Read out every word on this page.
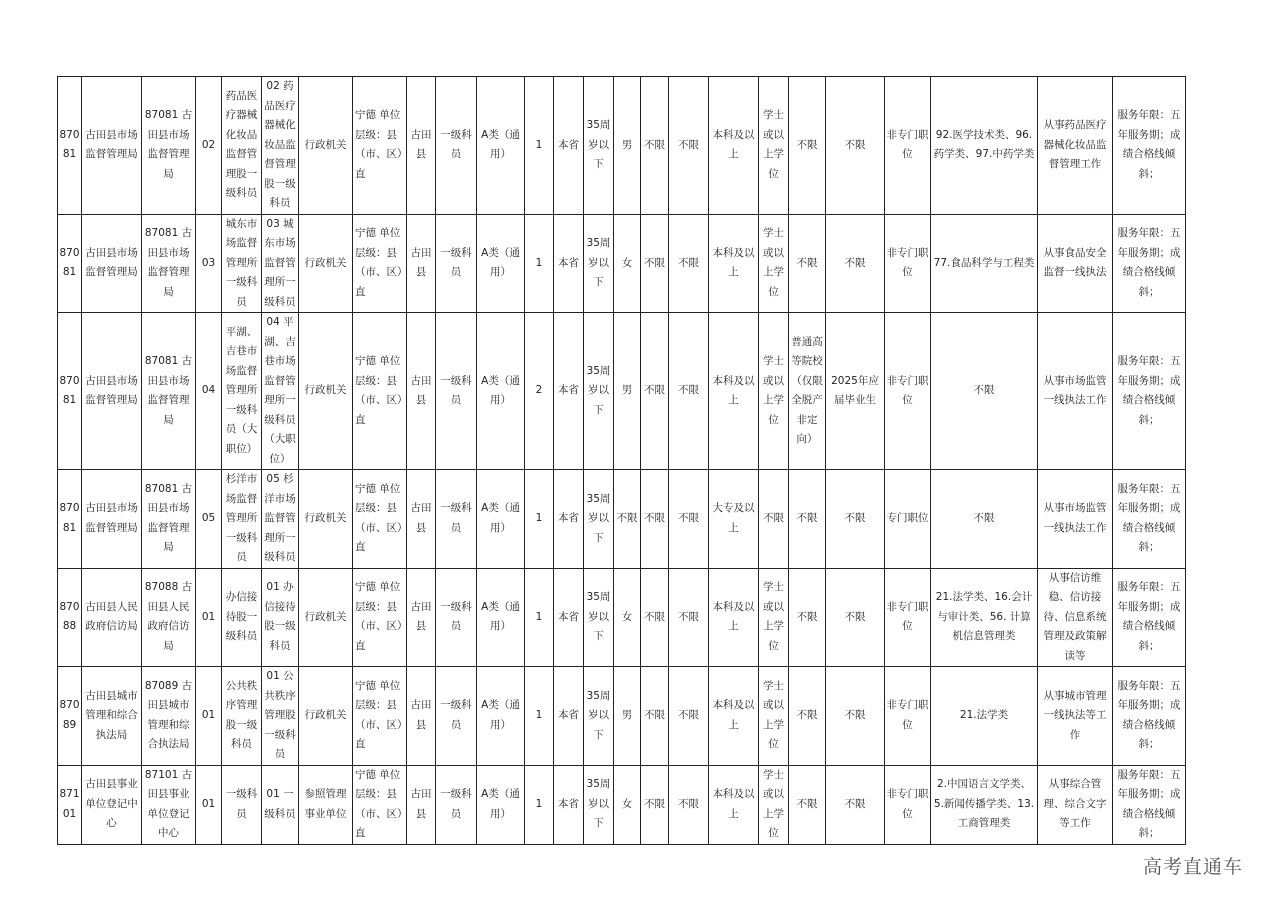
87081	古田县市场监督管理局	87081 古田县市场监督管理局	02	药品医疗器械化妆品监督管理股一级科员	02 药品医疗器械化妆品监督管理股一级科员	行政机关	宁德 单位层级：县（市、区）直	古田县	一级科员	A类（通用）	1	本省	35周岁以下	男	不限	不限	本科及以上	学士或以上学位	不限	不限	非专门职位	92.医学技术类、96.药学类、97.中药学类	从事药品医疗器械化妆品监督管理工作	服务年限：五年服务期；成绩合格线倾斜；

87081	古田县市场监督管理局	87081 古田县市场监督管理局	03	城东市场监督管理所一级科员	03 城东市场监督管理所一级科员	行政机关	宁德 单位层级：县（市、区）直	古田县	一级科员	A类（通用）	1	本省	35周岁以下	女	不限	不限	本科及以上	学士或以上学位	不限	不限	非专门职位	77.食品科学与工程类	从事食品安全监督一线执法	服务年限：五年服务期；成绩合格线倾斜；

87081	古田县市场监督管理局	87081 古田县市场监督管理局	04	平湖、吉巷市场监督管理所一级科员（大职位）	04 平湖、吉巷市场监督管理所一级科员（大职位）	行政机关	宁德 单位层级：县（市、区）直	古田县	一级科员	A类（通用）	2	本省	35周岁以下	男	不限	不限	本科及以上	学士或以上学位	普通高等院校（仅限全脱产非定向）	2025年应届毕业生	非专门职位	不限	从事市场监管一线执法工作	服务年限：五年服务期；成绩合格线倾斜；

87081	古田县市场监督管理局	87081 古田县市场监督管理局	05	杉洋市场监督管理所一级科员	05 杉洋市场监督管理所一级科员	行政机关	宁德 单位层级：县（市、区）直	古田县	一级科员	A类（通用）	1	本省	35周岁以下	不限	不限	不限	大专及以上	不限	不限	不限	专门职位	不限	从事市场监管一线执法工作	服务年限：五年服务期；成绩合格线倾斜；

87088	古田县人民政府信访局	87088 古田县人民政府信访局	01	办信接待股一级科员	01 办信接待股一级科员	行政机关	宁德 单位层级：县（市、区）直	古田县	一级科员	A类（通用）	1	本省	35周岁以下	女	不限	不限	本科及以上	学士或以上学位	不限	不限	非专门职位	21.法学类、16.会计与审计类、56. 计算机信息管理类	从事信访维稳、信访接待、信息系统管理及政策解读等	服务年限：五年服务期；成绩合格线倾斜；

87089	古田县城市管理和综合执法局	87089 古田县城市管理和综合执法局	01	公共秩序管理股一级科员	01 公共秩序管理股一级科员	行政机关	宁德 单位层级：县（市、区）直	古田县	一级科员	A类（通用）	1	本省	35周岁以下	男	不限	不限	本科及以上	学士或以上学位	不限	不限	非专门职位	21.法学类	从事城市管理一线执法等工作	服务年限：五年服务期；成绩合格线倾斜；

87101	古田县事业单位登记中心	87101 古田县事业单位登记中心	01	一级科员	01 一级科员	参照管理事业单位	宁德 单位层级：县（市、区）直	古田县	一级科员	A类（通用）	1	本省	35周岁以下	女	不限	不限	本科及以上	学士或以上学位	不限	不限	非专门职位	2.中国语言文学类、5.新闻传播学类、13.工商管理类	从事综合管理、综合文字等工作	服务年限：五年服务期；成绩合格线倾斜；
高考直通车
